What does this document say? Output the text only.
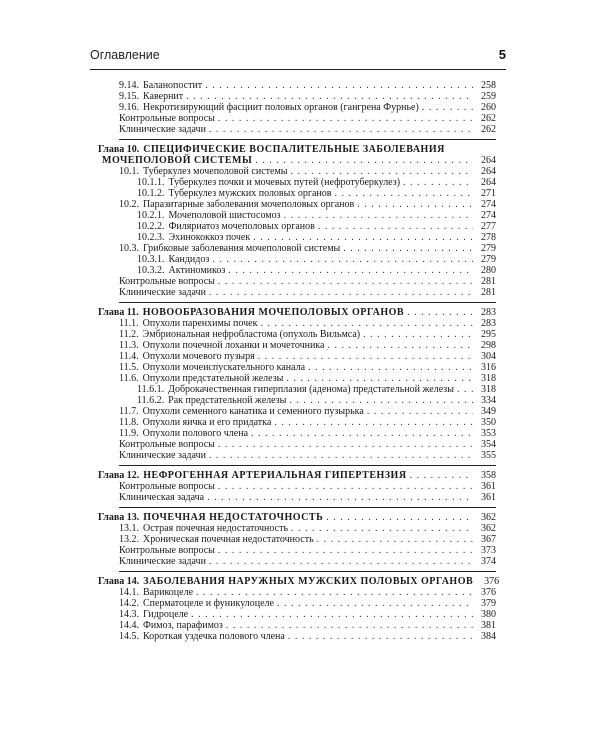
Оглавление	5
9.14. Баланопостит . . .	258
9.15. Кавернит . . .	259
9.16. Некротизирующий фасциит половых органов (гангрена Фурнье) . . .	260
Контрольные вопросы . . .	262
Клинические задачи . . .	262
Глава 10. СПЕЦИФИЧЕСКИЕ ВОСПАЛИТЕЛЬНЫЕ ЗАБОЛЕВАНИЯ
МОЧЕПОЛОВОЙ СИСТЕМЫ . . .	264
10.1. Туберкулез мочеполовой системы . . .	264
10.1.1. Туберкулез почки и мочевых путей (нефротуберкулез) . . .	264
10.1.2. Туберкулез мужских половых органов . . .	271
10.2. Паразитарные заболевания мочеполовых органов . . .	274
10.2.1. Мочеполовой шистосомоз . . .	274
10.2.2. Филяриатоз мочеполовых органов . . .	277
10.2.3. Эхинококкоз почек . . .	278
10.3. Грибковые заболевания мочеполовой системы . . .	279
10.3.1. Кандидоз . . .	279
10.3.2. Актиномикоз . . .	280
Контрольные вопросы . . .	281
Клинические задачи . . .	281
Глава 11. НОВООБРАЗОВАНИЯ МОЧЕПОЛОВЫХ ОРГАНОВ . . .	283
11.1. Опухоли паренхимы почек . . .	283
11.2. Эмбриональная нефробластома (опухоль Вильмса) . . .	295
11.3. Опухоли почечной лоханки и мочеточника . . .	298
11.4. Опухоли мочевого пузыря . . .	304
11.5. Опухоли мочеиспускательного канала . . .	316
11.6. Опухоли предстательной железы . . .	318
11.6.1. Доброкачественная гиперплазия (аденома) предстательной железы . . .	318
11.6.2. Рак предстательной железы . . .	334
11.7. Опухоли семенного канатика и семенного пузырька . . .	349
11.8. Опухоли яичка и его придатка . . .	350
11.9. Опухоли полового члена . . .	353
Контрольные вопросы . . .	354
Клинические задачи . . .	355
Глава 12. НЕФРОГЕННАЯ АРТЕРИАЛЬНАЯ ГИПЕРТЕНЗИЯ . . .	358
Контрольные вопросы . . .	361
Клиническая задача . . .	361
Глава 13. ПОЧЕЧНАЯ НЕДОСТАТОЧНОСТЬ . . .	362
13.1. Острая почечная недостаточность . . .	362
13.2. Хроническая почечная недостаточность . . .	367
Контрольные вопросы . . .	373
Клинические задачи . . .	374
Глава 14. ЗАБОЛЕВАНИЯ НАРУЖНЫХ МУЖСКИХ ПОЛОВЫХ ОРГАНОВ	376
14.1. Варикоцеле . . .	376
14.2. Сперматоцеле и фуникулоцеле . . .	379
14.3. Гидроцеле . . .	380
14.4. Фимоз, парафимоз . . .	381
14.5. Короткая уздечка полового члена . . .	384
